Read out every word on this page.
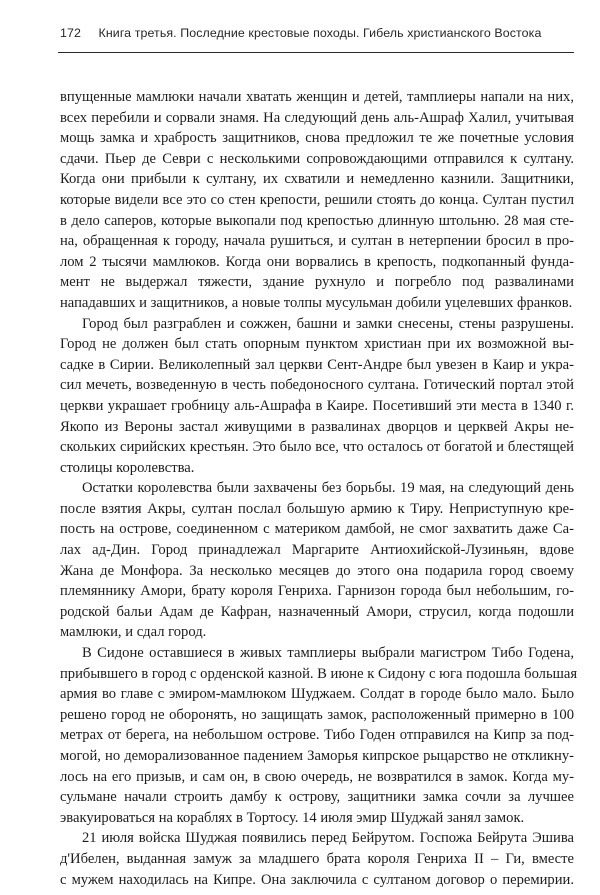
172 Книга третья. Последние крестовые походы. Гибель христианского Востока
впущенные мамлюки начали хватать женщин и детей, тамплиеры напали на них,
всех перебили и сорвали знамя. На следующий день аль-Ашраф Халил, учитывая
мощь замка и храбрость защитников, снова предложил те же почетные условия
сдачи. Пьер де Севри с несколькими сопровождающими отправился к султану.
Когда они прибыли к султану, их схватили и немедленно казнили. Защитники,
которые видели все это со стен крепости, решили стоять до конца. Султан пустил
в дело саперов, которые выкопали под крепостью длинную штольню. 28 мая сте-
на, обращенная к городу, начала рушиться, и султан в нетерпении бросил в про-
лом 2 тысячи мамлюков. Когда они ворвались в крепость, подкопанный фунда-
мент не выдержал тяжести, здание рухнуло и погребло под развалинами
нападавших и защитников, а новые толпы мусульман добили уцелевших франков.
Город был разграблен и сожжен, башни и замки снесены, стены разрушены.
Город не должен был стать опорным пунктом христиан при их возможной вы-
садке в Сирии. Великолепный зал церкви Сент-Андре был увезен в Каир и укра-
сил мечеть, возведенную в честь победоносного султана. Готический портал этой
церкви украшает гробницу аль-Ашрафа в Каире. Посетивший эти места в 1340 г.
Якопо из Вероны застал живущими в развалинах дворцов и церквей Акры не-
скольких сирийских крестьян. Это было все, что осталось от богатой и блестящей
столицы королевства.
Остатки королевства были захвачены без борьбы. 19 мая, на следующий день
после взятия Акры, султан послал большую армию к Тиру. Неприступную кре-
пость на острове, соединенном с материком дамбой, не смог захватить даже Са-
лах ад-Дин. Город принадлежал Маргарите Антиохийской-Лузиньян, вдове
Жана де Монфора. За несколько месяцев до этого она подарила город своему
племяннику Амори, брату короля Генриха. Гарнизон города был небольшим, го-
родской бальи Адам де Кафран, назначенный Амори, струсил, когда подошли
мамлюки, и сдал город.
В Сидоне оставшиеся в живых тамплиеры выбрали магистром Тибо Годена,
прибывшего в город с орденской казной. В июне к Сидону с юга подошла большая
армия во главе с эмиром-мамлюком Шуджаем. Солдат в городе было мало. Было
решено город не оборонять, но защищать замок, расположенный примерно в 100
метрах от берега, на небольшом острове. Тибо Годен отправился на Кипр за под-
могой, но деморализованное падением Заморья кипрское рыцарство не откликну-
лось на его призыв, и сам он, в свою очередь, не возвратился в замок. Когда му-
сульмане начали строить дамбу к острову, защитники замка сочли за лучшее
эвакуироваться на кораблях в Тортосу. 14 июля эмир Шуджай занял замок.
21 июля войска Шуджая появились перед Бейрутом. Госпожа Бейрута Эшива
д'Ибелен, выданная замуж за младшего брата короля Генриха II – Ги, вместе
с мужем находилась на Кипре. Она заключила с султаном договор о перемирии.
